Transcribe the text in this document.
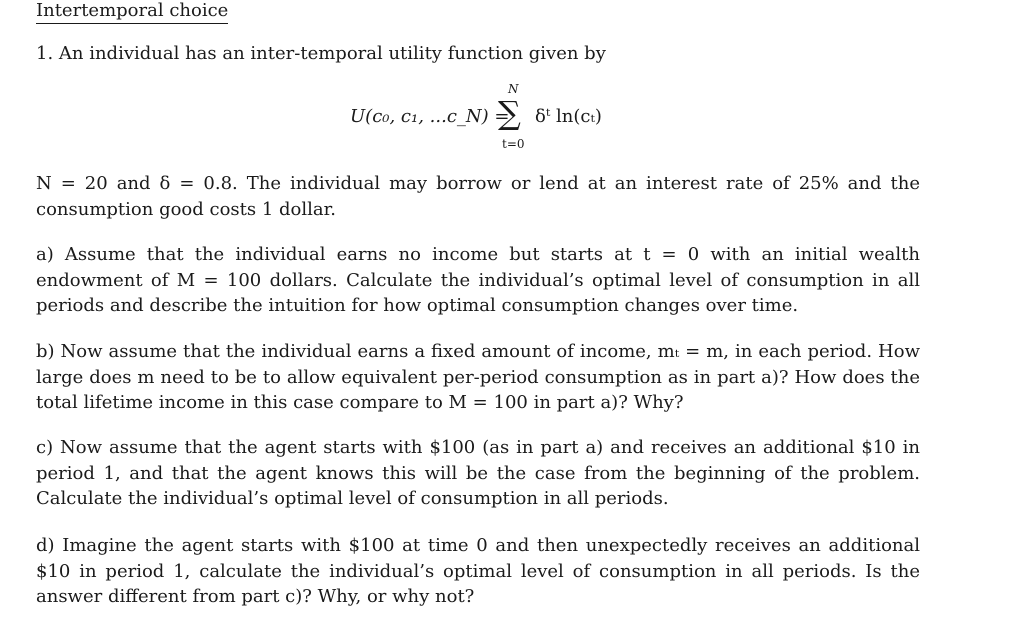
Intertemporal choice
1. An individual has an inter-temporal utility function given by
U(c₀, c₁, ...c_N) =
N
∑
t=0
δᵗ ln(cₜ)
N = 20 and δ = 0.8. The individual may borrow or lend at an interest rate of 25% and the consumption good costs 1 dollar.
a) Assume that the individual earns no income but starts at t = 0 with an initial wealth endowment of M = 100 dollars. Calculate the individual’s optimal level of consumption in all periods and describe the intuition for how optimal consumption changes over time.
b) Now assume that the individual earns a fixed amount of income, mₜ = m, in each period. How large does m need to be to allow equivalent per-period consumption as in part a)? How does the total lifetime income in this case compare to M = 100 in part a)? Why?
c) Now assume that the agent starts with $100 (as in part a) and receives an additional $10 in period 1, and that the agent knows this will be the case from the beginning of the problem. Calculate the individual’s optimal level of consumption in all periods.
d) Imagine the agent starts with $100 at time 0 and then unexpectedly receives an additional $10 in period 1, calculate the individual’s optimal level of consumption in all periods. Is the answer different from part c)? Why, or why not?
